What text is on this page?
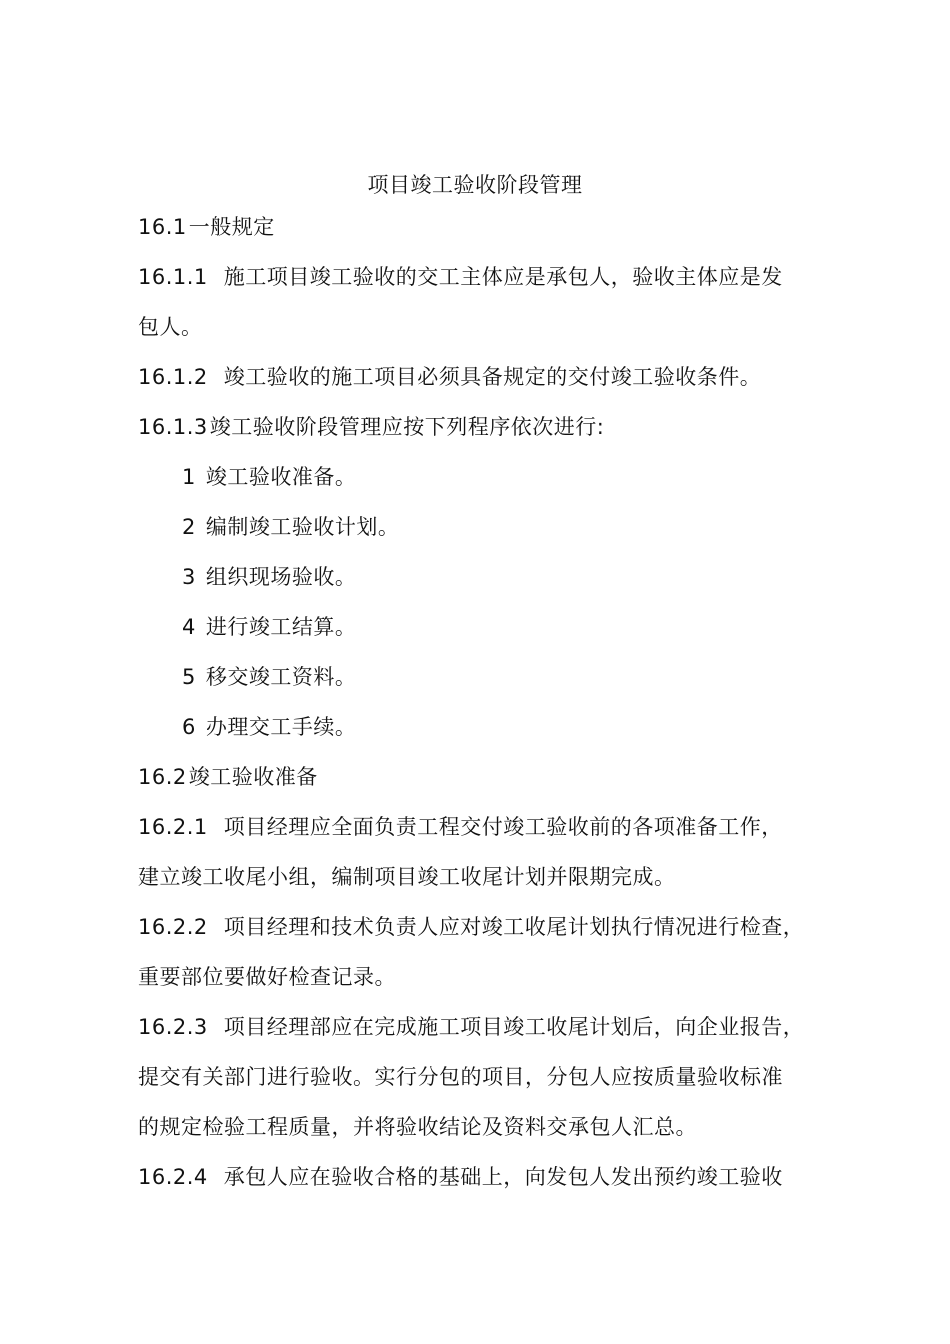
项目竣工验收阶段管理
16.1一般规定
16.1.1 施工项目竣工验收的交工主体应是承包人，验收主体应是发
包人。
16.1.2 竣工验收的施工项目必须具备规定的交付竣工验收条件。
16.1.3竣工验收阶段管理应按下列程序依次进行:
1 竣工验收准备。
2 编制竣工验收计划。
3 组织现场验收。
4 进行竣工结算。
5 移交竣工资料。
6 办理交工手续。
16.2竣工验收准备
16.2.1 项目经理应全面负责工程交付竣工验收前的各项准备工作，
建立竣工收尾小组，编制项目竣工收尾计划并限期完成。
16.2.2 项目经理和技术负责人应对竣工收尾计划执行情况进行检查，
重要部位要做好检查记录。
16.2.3 项目经理部应在完成施工项目竣工收尾计划后，向企业报告，
提交有关部门进行验收。实行分包的项目，分包人应按质量验收标准
的规定检验工程质量，并将验收结论及资料交承包人汇总。
16.2.4 承包人应在验收合格的基础上，向发包人发出预约竣工验收
